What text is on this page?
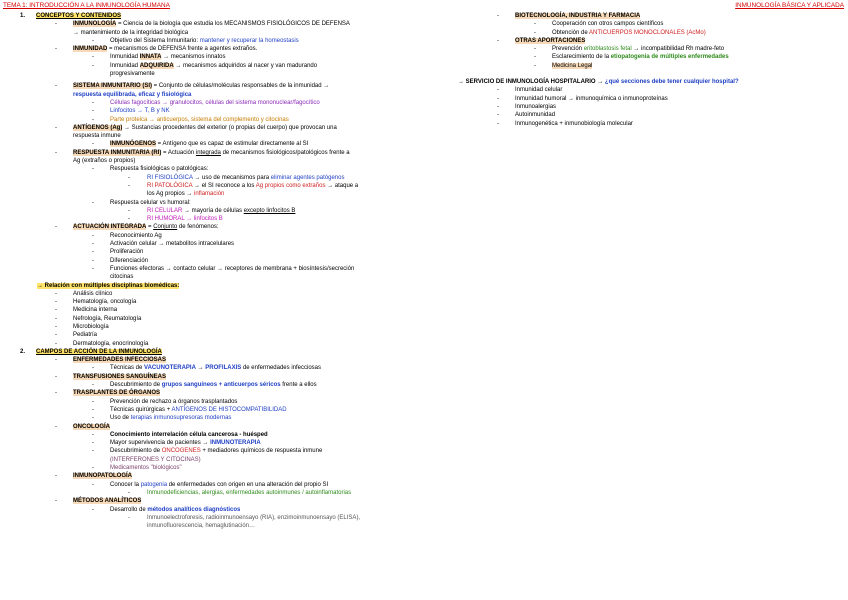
TEMA 1: INTRODUCCIÓN A LA INMUNOLOGÍA HUMANA	INMUNOLOGÍA BÁSICA Y APLICADA
1. CONCEPTOS Y CONTENIDOS
-	INMUNOLOGÍA = Ciencia de la biología que estudia los MECANISMOS FISIOLÓGICOS DE DEFENSA
→ mantenimiento de la integridad biológica
-	Objetivo del Sistema Inmunitario: mantener y recuperar la homeostasis
-	INMUNIDAD = mecanismos de DEFENSA frente a agentes extraños.
-	Inmunidad INNATA → mecanismos innatos
-	Inmunidad ADQUIRIDA → mecanismos adquiridos al nacer y van madurando
progresivamente
-	SISTEMA INMUNITARIO (SI) = Conjunto de células/moléculas responsables de la inmunidad →
respuesta equilibrada, eficaz y fisiológica
-	Células fagocíticas → granulocitos, células del sistema mononuclear/fagocítico
-	Linfocitos → T, B y NK
-	Parte proteica → anticuerpos, sistema del complemento y citocinas
-	ANTÍGENOS (Ag) → Sustancias procedentes del exterior (o propias del cuerpo) que provocan una
respuesta inmune
-	INMUNÓGENOS = Antígeno que es capaz de estimular directamente al SI
-	RESPUESTA INMUNITARIA (RI) = Actuación integrada de mecanismos fisiológicos/patológicos frente a
Ag (extraños o propios)
-	Respuesta fisiológicas o patológicas:
-	RI FISIOLÓGICA → uso de mecanismos para eliminar agentes patógenos
-	RI PATOLÓGICA → el SI reconoce a los Ag propios como extraños → ataque a
los Ag propios → inflamación
-	Respuesta celular vs humoral:
-	RI CELULAR → mayoría de células excepto linfocitos B
-	RI HUMORAL → linfocitos B
-	ACTUACIÓN INTEGRADA = Conjunto de fenómenos:
-	Reconocimiento Ag
-	Activación celular → metabolitos intracelulares
-	Proliferación
-	Diferenciación
-	Funciones efectoras → contacto celular → receptores de membrana + biosíntesis/secreción
citocinas
→ Relación con múltiples disciplinas biomédicas:
-	Análisis clínico
-	Hematología, oncología
-	Medicina interna
-	Nefrología, Reumatología
-	Microbiología
-	Pediatría
-	Dermatología, enocrinología
2. CAMPOS DE ACCIÓN DE LA INMUNOLOGÍA
-	ENFERMEDADES INFECCIOSAS
-	Técnicas de VACUNOTERAPIA → PROFILAXIS de enfermedades infecciosas
-	TRANSFUSIONES SANGUÍNEAS
-	Descubrimiento de grupos sanguíneos + anticuerpos séricos frente a ellos
-	TRASPLANTES DE ÓRGANOS
-	Prevención de rechazo a órganos trasplantados
-	Técnicas quirúrgicas + ANTÍGENOS DE HISTOCOMPATIBILIDAD
-	Uso de terapias inmunosupresoras modernas
-	ONCOLOGÍA
-	Conocimiento interrelación célula cancerosa - huésped
-	Mayor supervivencia de pacientes → INMUNOTERAPIA
-	Descubrimiento de ONCOGENES + mediadores químicos de respuesta inmune
(INTERFERONES Y CITOCINAS)
-	Medicamentos "biológicos"
-	INMUNOPATOLOGÍA
-	Conocer la patogenia de enfermedades con origen en una alteración del propio SI
-	Inmunodeficiencias, alergias, enfermedades autoinmunes / autoinflamatorias
-	MÉTODOS ANALÍTICOS
-	Desarrollo de métodos analíticos diagnósticos
-	Inmunoelectroforesis, radioinmunoensayo (RIA), enzimoinmunoensayo (ELISA),
inmunofluorescencia, hemaglutinación…
-	BIOTECNOLOGÍA, INDUSTRIA Y FARMACIA
-	Cooperación con otros campos científicos
-	Obtención de ANTICUERPOS MONOCLONALES (AcMo)
-	OTRAS APORTACIONES
-	Prevención eritoblastosis fetal → incompatibilidad Rh madre-feto
-	Esclarecimiento de la etiopatogenia de múltiples enfermedades
-	Medicina Legal
→ SERVICIO DE INMUNOLOGÍA HOSPITALARIO → ¿qué secciones debe tener cualquier hospital?
-	Inmunidad celular
-	Inmunidad humoral → inmunoquímica o inmunoproteínas
-	Inmunoalergias
-	Autoinmunidad
-	Inmunogenética + inmunobiología molecular
